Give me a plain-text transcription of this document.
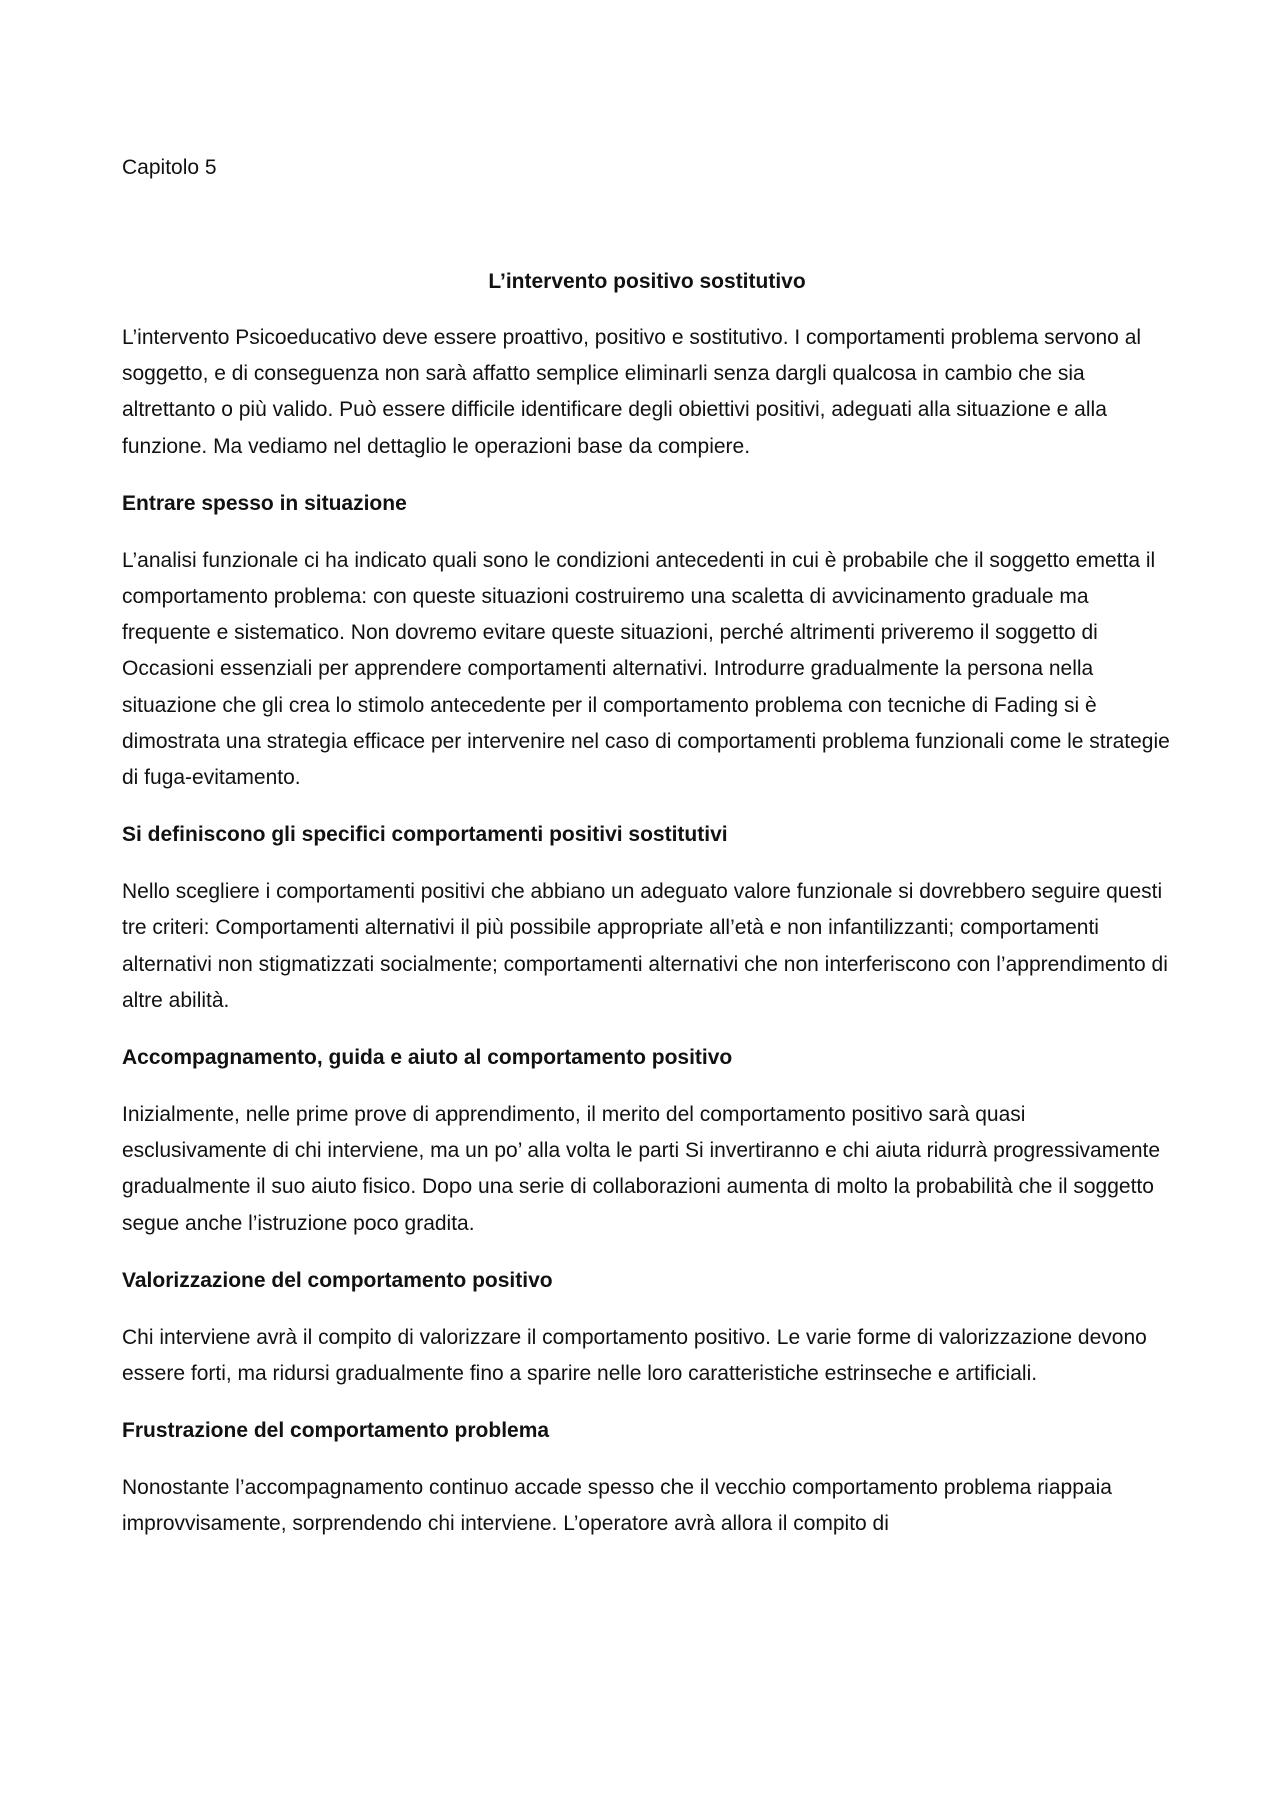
Capitolo 5

L’intervento positivo sostitutivo

L’intervento Psicoeducativo deve essere proattivo, positivo e sostitutivo. I comportamenti problema servono al soggetto, e di conseguenza non sarà affatto semplice eliminarli senza dargli qualcosa in cambio che sia altrettanto o più valido. Può essere difficile identificare degli obiettivi positivi, adeguati alla situazione e alla funzione. Ma vediamo nel dettaglio le operazioni base da compiere.

Entrare spesso in situazione

L’analisi funzionale ci ha indicato quali sono le condizioni antecedenti in cui è probabile che il soggetto emetta il comportamento problema: con queste situazioni costruiremo una scaletta di avvicinamento graduale ma frequente e sistematico. Non dovremo evitare queste situazioni, perché altrimenti priveremo il soggetto di Occasioni essenziali per apprendere comportamenti alternativi. Introdurre gradualmente la persona nella situazione che gli crea lo stimolo antecedente per il comportamento problema con tecniche di Fading si è dimostrata una strategia efficace per intervenire nel caso di comportamenti problema funzionali come le strategie di fuga-evitamento.

Si definiscono gli specifici comportamenti positivi sostitutivi

Nello scegliere i comportamenti positivi che abbiano un adeguato valore funzionale si dovrebbero seguire questi tre criteri: Comportamenti alternativi il più possibile appropriate all’età e non infantilizzanti; comportamenti alternativi non stigmatizzati socialmente; comportamenti alternativi che non interferiscono con l’apprendimento di altre abilità.

Accompagnamento, guida e aiuto al comportamento positivo

Inizialmente, nelle prime prove di apprendimento, il merito del comportamento positivo sarà quasi esclusivamente di chi interviene, ma un po’ alla volta le parti Si invertiranno e chi aiuta ridurrà progressivamente gradualmente il suo aiuto fisico. Dopo una serie di collaborazioni aumenta di molto la probabilità che il soggetto segue anche l’istruzione poco gradita.

Valorizzazione del comportamento positivo

Chi interviene avrà il compito di valorizzare il comportamento positivo. Le varie forme di valorizzazione devono essere forti, ma ridursi gradualmente fino a sparire nelle loro caratteristiche estrinseche e artificiali.

Frustrazione del comportamento problema

Nonostante l’accompagnamento continuo accade spesso che il vecchio comportamento problema riappaia improvvisamente, sorprendendo chi interviene. L’operatore avrà allora il compito di
